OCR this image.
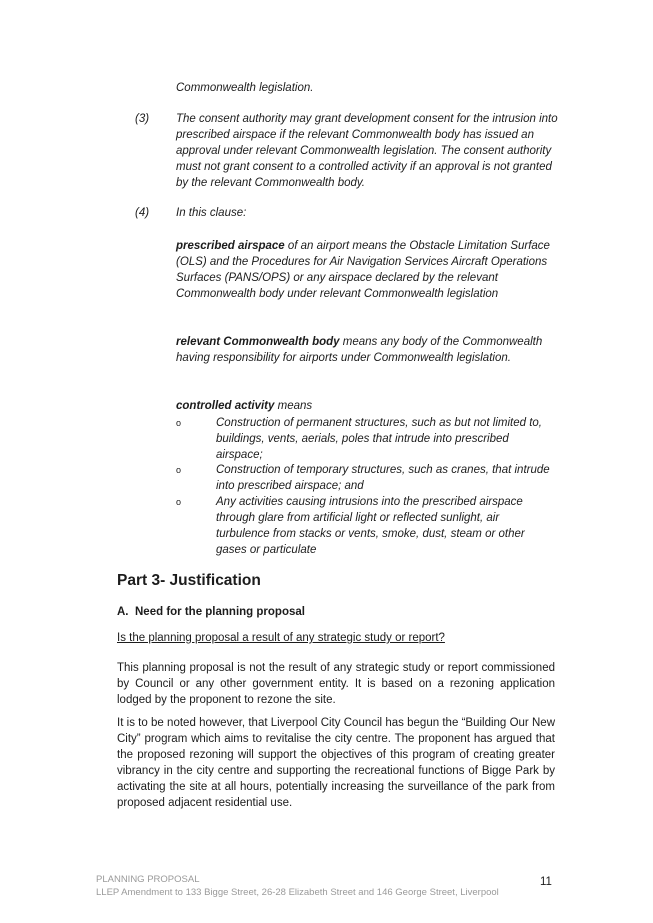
Commonwealth legislation.
(3) The consent authority may grant development consent for the intrusion into prescribed airspace if the relevant Commonwealth body has issued an approval under relevant Commonwealth legislation. The consent authority must not grant consent to a controlled activity if an approval is not granted by the relevant Commonwealth body.
(4) In this clause:
prescribed airspace of an airport means the Obstacle Limitation Surface (OLS) and the Procedures for Air Navigation Services Aircraft Operations Surfaces (PANS/OPS) or any airspace declared by the relevant Commonwealth body under relevant Commonwealth legislation
relevant Commonwealth body means any body of the Commonwealth having responsibility for airports under Commonwealth legislation.
controlled activity means
o	Construction of permanent structures, such as but not limited to, buildings, vents, aerials, poles that intrude into prescribed airspace;
o	Construction of temporary structures, such as cranes, that intrude into prescribed airspace; and
o	Any activities causing intrusions into the prescribed airspace through glare from artificial light or reflected sunlight, air turbulence from stacks or vents, smoke, dust, steam or other gases or particulate
Part 3- Justification
A. Need for the planning proposal
Is the planning proposal a result of any strategic study or report?
This planning proposal is not the result of any strategic study or report commissioned by Council or any other government entity. It is based on a rezoning application lodged by the proponent to rezone the site.
It is to be noted however, that Liverpool City Council has begun the “Building Our New City” program which aims to revitalise the city centre. The proponent has argued that the proposed rezoning will support the objectives of this program of creating greater vibrancy in the city centre and supporting the recreational functions of Bigge Park by activating the site at all hours, potentially increasing the surveillance of the park from proposed adjacent residential use.
PLANNING PROPOSAL
LLEP Amendment to 133 Bigge Street, 26-28 Elizabeth Street and 146 George Street, Liverpool
11
